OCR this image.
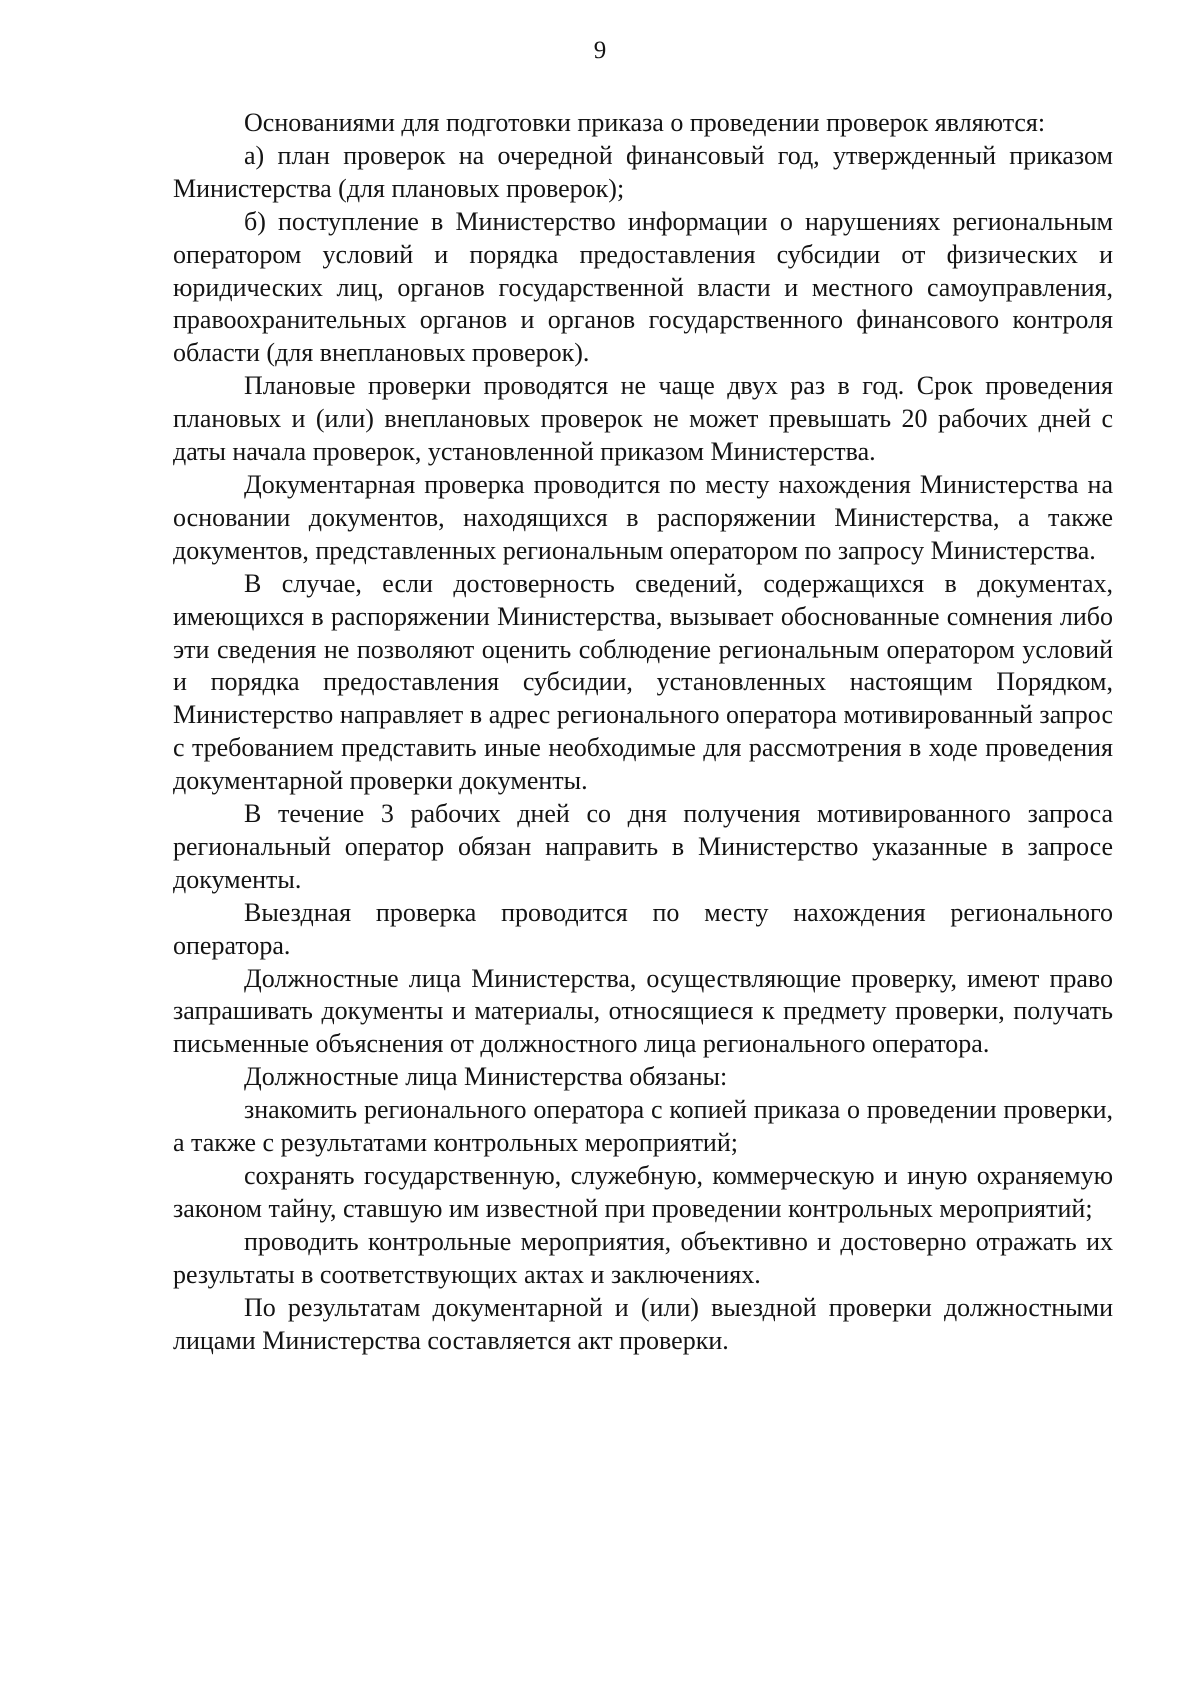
9

Основаниями для подготовки приказа о проведении проверок являются:

а) план проверок на очередной финансовый год, утвержденный приказом Министерства (для плановых проверок);

б) поступление в Министерство информации о нарушениях региональным оператором условий и порядка предоставления субсидии от физических и юридических лиц, органов государственной власти и местного самоуправления, правоохранительных органов и органов государственного финансового контроля области (для внеплановых проверок).

Плановые проверки проводятся не чаще двух раз в год. Срок проведения плановых и (или) внеплановых проверок не может превышать 20 рабочих дней с даты начала проверок, установленной приказом Министерства.

Документарная проверка проводится по месту нахождения Министерства на основании документов, находящихся в распоряжении Министерства, а также документов, представленных региональным оператором по запросу Министерства.

В случае, если достоверность сведений, содержащихся в документах, имеющихся в распоряжении Министерства, вызывает обоснованные сомнения либо эти сведения не позволяют оценить соблюдение региональным оператором условий и порядка предоставления субсидии, установленных настоящим Порядком, Министерство направляет в адрес регионального оператора мотивированный запрос с требованием представить иные необходимые для рассмотрения в ходе проведения документарной проверки документы.

В течение 3 рабочих дней со дня получения мотивированного запроса региональный оператор обязан направить в Министерство указанные в запросе документы.

Выездная проверка проводится по месту нахождения регионального оператора.

Должностные лица Министерства, осуществляющие проверку, имеют право запрашивать документы и материалы, относящиеся к предмету проверки, получать письменные объяснения от должностного лица регионального оператора.

Должностные лица Министерства обязаны:

знакомить регионального оператора с копией приказа о проведении проверки, а также с результатами контрольных мероприятий;

сохранять государственную, служебную, коммерческую и иную охраняемую законом тайну, ставшую им известной при проведении контрольных мероприятий;

проводить контрольные мероприятия, объективно и достоверно отражать их результаты в соответствующих актах и заключениях.

По результатам документарной и (или) выездной проверки должностными лицами Министерства составляется акт проверки.
